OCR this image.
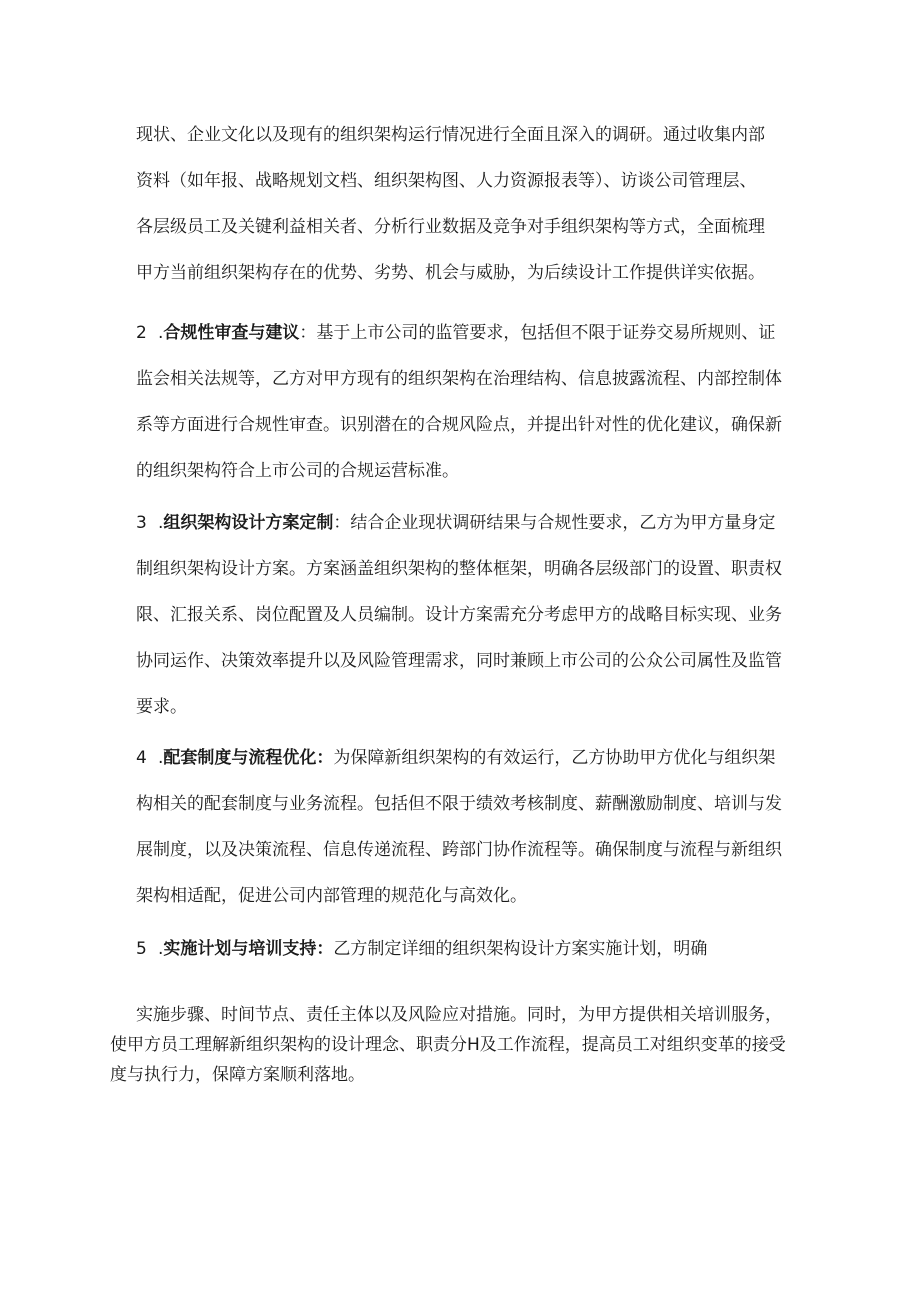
现状、企业文化以及现有的组织架构运行情况进行全面且深入的调研。通过收集内部
资料（如年报、战略规划文档、组织架构图、人力资源报表等）、访谈公司管理层、
各层级员工及关键利益相关者、分析行业数据及竞争对手组织架构等方式，全面梳理
甲方当前组织架构存在的优势、劣势、机会与威胁，为后续设计工作提供详实依据。
2 .合规性审查与建议：基于上市公司的监管要求，包括但不限于证券交易所规则、证
监会相关法规等，乙方对甲方现有的组织架构在治理结构、信息披露流程、内部控制体
系等方面进行合规性审查。识别潜在的合规风险点，并提出针对性的优化建议，确保新
的组织架构符合上市公司的合规运营标准。
3 .组织架构设计方案定制：结合企业现状调研结果与合规性要求，乙方为甲方量身定
制组织架构设计方案。方案涵盖组织架构的整体框架，明确各层级部门的设置、职责权
限、汇报关系、岗位配置及人员编制。设计方案需充分考虑甲方的战略目标实现、业务
协同运作、决策效率提升以及风险管理需求，同时兼顾上市公司的公众公司属性及监管
要求。
4 .配套制度与流程优化：为保障新组织架构的有效运行，乙方协助甲方优化与组织架
构相关的配套制度与业务流程。包括但不限于绩效考核制度、薪酬激励制度、培训与发
展制度，以及决策流程、信息传递流程、跨部门协作流程等。确保制度与流程与新组织
架构相适配，促进公司内部管理的规范化与高效化。
5 .实施计划与培训支持：乙方制定详细的组织架构设计方案实施计划，明确
实施步骤、时间节点、责任主体以及风险应对措施。同时，为甲方提供相关培训服务，
使甲方员工理解新组织架构的设计理念、职责分H及工作流程，提高员工对组织变革的接受
度与执行力，保障方案顺利落地。
